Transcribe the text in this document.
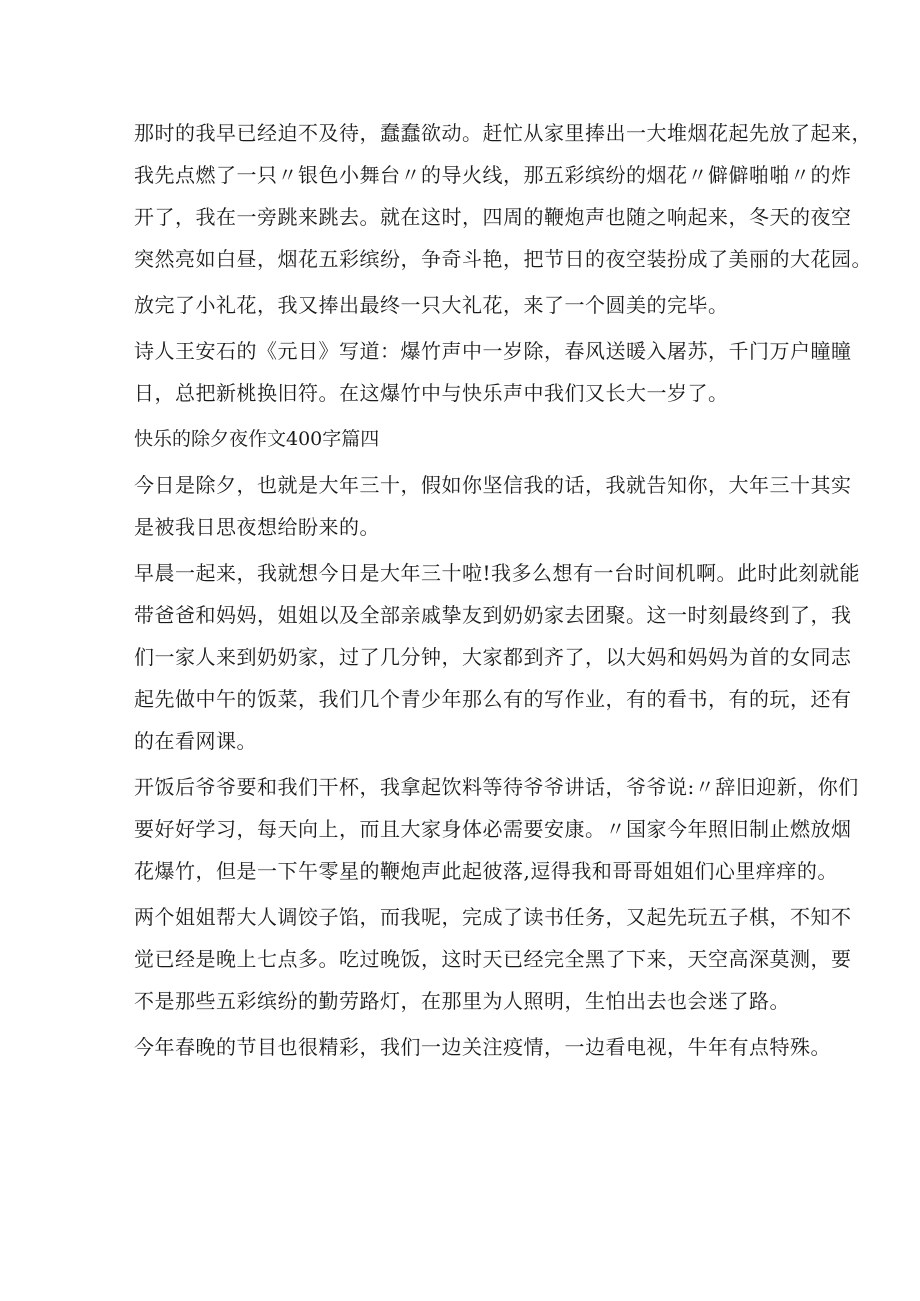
那时的我早已经迫不及待，蠢蠢欲动。赶忙从家里捧出一大堆烟花起先放了起来，
我先点燃了一只〃银色小舞台〃的导火线，那五彩缤纷的烟花〃僻僻啪啪〃的炸
开了，我在一旁跳来跳去。就在这时，四周的鞭炮声也随之响起来，冬天的夜空
突然亮如白昼，烟花五彩缤纷，争奇斗艳，把节日的夜空装扮成了美丽的大花园。
放完了小礼花，我又捧出最终一只大礼花，来了一个圆美的完毕。
诗人王安石的《元日》写道：爆竹声中一岁除，春风送暖入屠苏，千门万户瞳瞳
日，总把新桃换旧符。在这爆竹中与快乐声中我们又长大一岁了。
快乐的除夕夜作文400字篇四
今日是除夕，也就是大年三十，假如你坚信我的话，我就告知你，大年三十其实
是被我日思夜想给盼来的。
早晨一起来，我就想今日是大年三十啦!我多么想有一台时间机啊。此时此刻就能
带爸爸和妈妈，姐姐以及全部亲戚挚友到奶奶家去团聚。这一时刻最终到了，我
们一家人来到奶奶家，过了几分钟，大家都到齐了，以大妈和妈妈为首的女同志
起先做中午的饭菜，我们几个青少年那么有的写作业，有的看书，有的玩，还有
的在看网课。
开饭后爷爷要和我们干杯，我拿起饮料等待爷爷讲话，爷爷说:〃辞旧迎新，你们
要好好学习，每天向上，而且大家身体必需要安康。〃国家今年照旧制止燃放烟
花爆竹，但是一下午零星的鞭炮声此起彼落,逗得我和哥哥姐姐们心里痒痒的。
两个姐姐帮大人调饺子馅，而我呢，完成了读书任务，又起先玩五子棋，不知不
觉已经是晚上七点多。吃过晚饭，这时天已经完全黑了下来，天空高深莫测，要
不是那些五彩缤纷的勤劳路灯，在那里为人照明，生怕出去也会迷了路。
今年春晚的节目也很精彩，我们一边关注疫情，一边看电视，牛年有点特殊。
